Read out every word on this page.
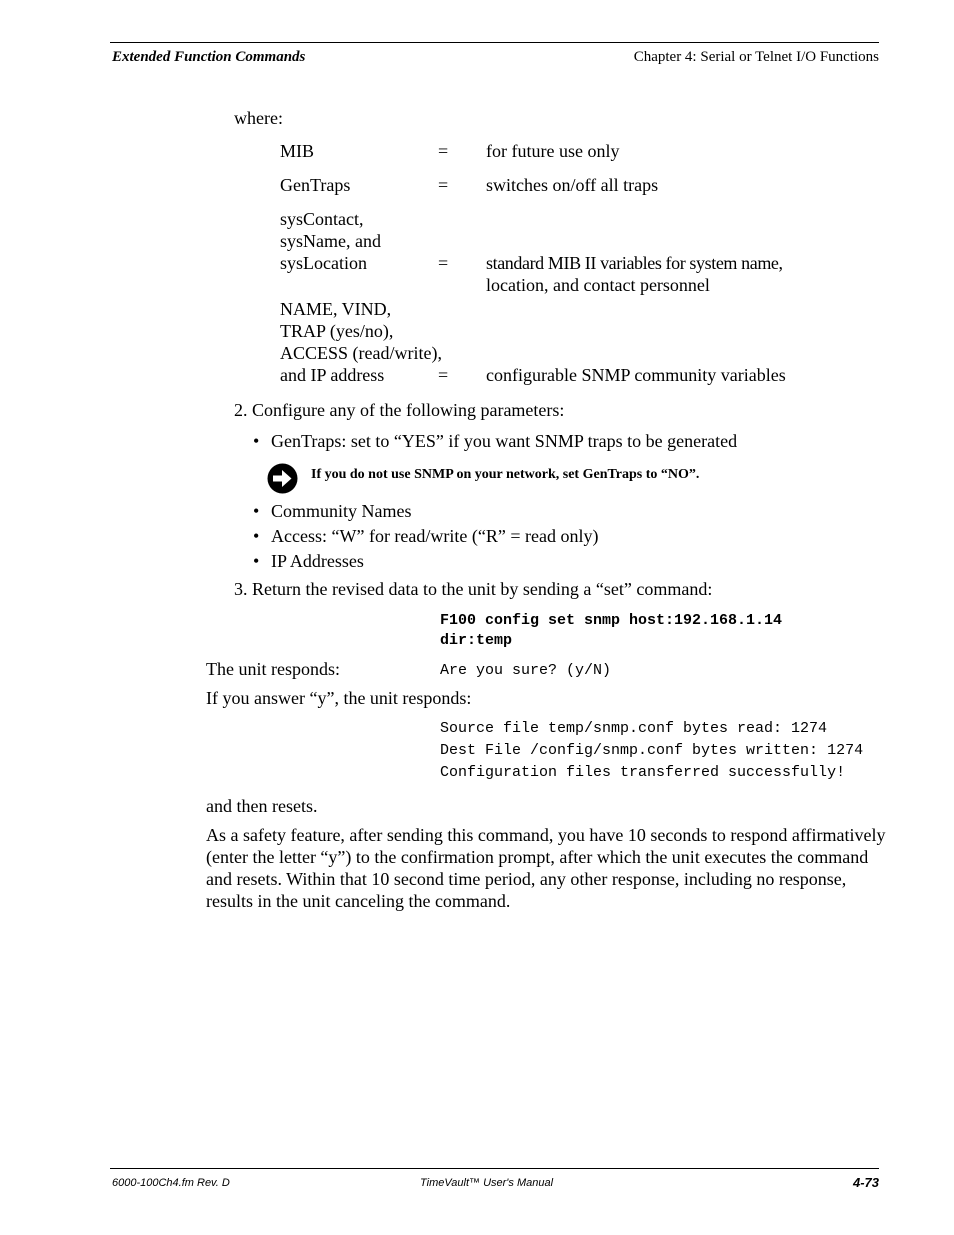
Extended Function Commands	Chapter 4: Serial or Telnet I/O Functions
where:
MIB	= for future use only
GenTraps	= switches on/off all traps
sysContact,
sysName, and
sysLocation	= standard MIB II variables for system name,
location, and contact personnel
NAME, VIND,
TRAP (yes/no),
ACCESS (read/write),
and IP address	= configurable SNMP community variables
2. Configure any of the following parameters:
• GenTraps: set to “YES” if you want SNMP traps to be generated
If you do not use SNMP on your network, set GenTraps to “NO”.
• Community Names
• Access: “W” for read/write (“R” = read only)
• IP Addresses
3. Return the revised data to the unit by sending a “set” command:
F100 config set snmp host:192.168.1.14
dir:temp
The unit responds:	Are you sure? (y/N)
If you answer “y”, the unit responds:
Source file temp/snmp.conf bytes read: 1274
Dest File /config/snmp.conf bytes written: 1274
Configuration files transferred successfully!
and then resets.
As a safety feature, after sending this command, you have 10 seconds to respond affirmatively (enter the letter “y”) to the confirmation prompt, after which the unit executes the command and resets. Within that 10 second time period, any other response, including no response, results in the unit canceling the command.
6000-100Ch4.fm Rev. D	TimeVault™ User's Manual	4-73
